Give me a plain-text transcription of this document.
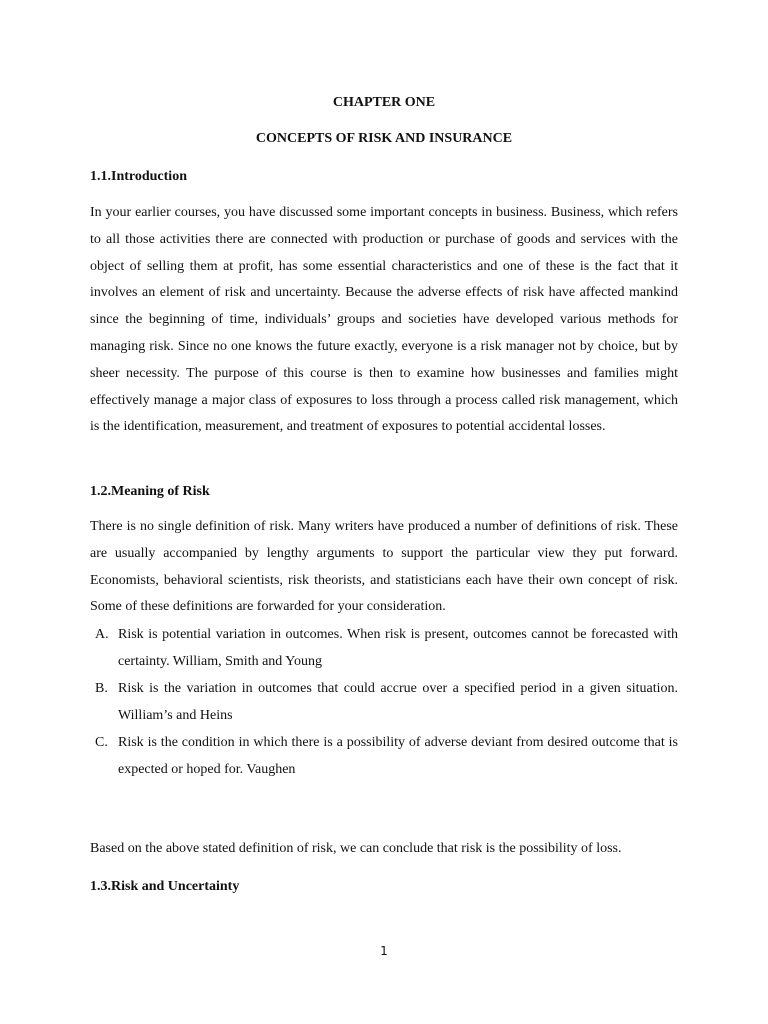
CHAPTER ONE
CONCEPTS OF RISK AND INSURANCE
1.1.Introduction

In your earlier courses, you have discussed some important concepts in business. Business, which refers to all those activities there are connected with production or purchase of goods and services with the object of selling them at profit, has some essential characteristics and one of these is the fact that it involves an element of risk and uncertainty. Because the adverse effects of risk have affected mankind since the beginning of time, individuals’ groups and societies have developed various methods for managing risk. Since no one knows the future exactly, everyone is a risk manager not by choice, but by sheer necessity. The purpose of this course is then to examine how businesses and families might effectively manage a major class of exposures to loss through a process called risk management, which is the identification, measurement, and treatment of exposures to potential accidental losses.

1.2.Meaning of Risk

There is no single definition of risk. Many writers have produced a number of definitions of risk. These are usually accompanied by lengthy arguments to support the particular view they put forward. Economists, behavioral scientists, risk theorists, and statisticians each have their own concept of risk. Some of these definitions are forwarded for your consideration.

A. Risk is potential variation in outcomes. When risk is present, outcomes cannot be forecasted with certainty. William, Smith and Young
B. Risk is the variation in outcomes that could accrue over a specified period in a given situation. William’s and Heins
C. Risk is the condition in which there is a possibility of adverse deviant from desired outcome that is expected or hoped for. Vaughen

Based on the above stated definition of risk, we can conclude that risk is the possibility of loss.

1.3.Risk and Uncertainty
1
